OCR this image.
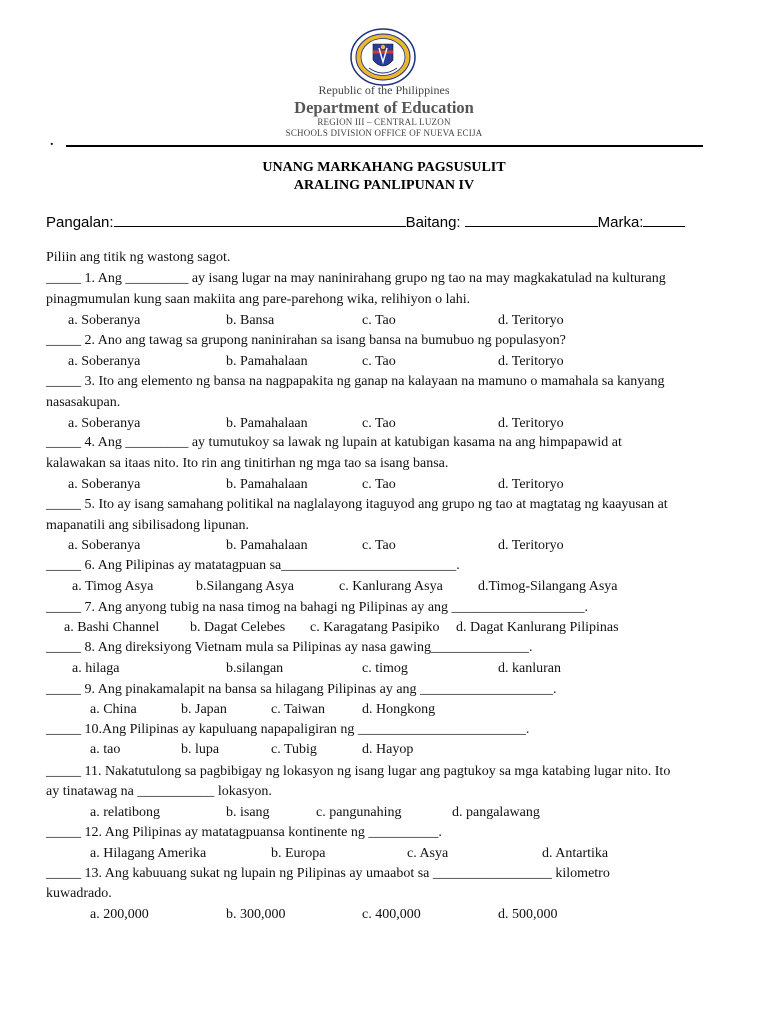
Republic of the Philippines
Department of Education
REGION III – CENTRAL LUZON
SCHOOLS DIVISION OFFICE OF NUEVA ECIJA
.
UNANG MARKAHANG PAGSUSULIT
ARALING PANLIPUNAN IV
Pangalan:	Baitang:	Marka:
Piliin ang titik ng wastong sagot.
_____ 1. Ang _________ ay isang lugar na may naninirahang grupo ng tao na may magkakatulad na kulturang
pinagmumulan kung saan makiita ang pare-parehong wika, relihiyon o lahi.
a. Soberanya	b. Bansa	c. Tao	d. Teritoryo
_____ 2. Ano ang tawag sa grupong naninirahan sa isang bansa na bumubuo ng populasyon?
a. Soberanya	b. Pamahalaan	c. Tao	d. Teritoryo
_____ 3. Ito ang elemento ng bansa na nagpapakita ng ganap na kalayaan na mamuno o mamahala sa kanyang
nasasakupan.
a. Soberanya	b. Pamahalaan	c. Tao	d. Teritoryo
_____ 4. Ang _________ ay tumutukoy sa lawak ng lupain at katubigan kasama na ang himpapawid at
kalawakan sa itaas nito. Ito rin ang tinitirhan ng mga tao sa isang bansa.
a. Soberanya	b. Pamahalaan	c. Tao	d. Teritoryo
_____ 5. Ito ay isang samahang politikal na naglalayong itaguyod ang grupo ng tao at magtatag ng kaayusan at
mapanatili ang sibilisadong lipunan.
a. Soberanya	b. Pamahalaan	c. Tao	d. Teritoryo
_____ 6. Ang Pilipinas ay matatagpuan sa_________________________.
a. Timog Asya	b.Silangang Asya	c. Kanlurang Asya	d.Timog-Silangang Asya
_____ 7. Ang anyong tubig na nasa timog na bahagi ng Pilipinas ay ang ___________________.
a. Bashi Channel b. Dagat Celebes c. Karagatang Pasipiko d. Dagat Kanlurang Pilipinas
_____ 8. Ang direksiyong Vietnam mula sa Pilipinas ay nasa gawing______________.
a. hilaga	b.silangan	c. timog	d. kanluran
_____ 9. Ang pinakamalapit na bansa sa hilagang Pilipinas ay ang ___________________.
a. China	b. Japan	c. Taiwan	d. Hongkong
_____ 10.Ang Pilipinas ay kapuluang napapaligiran ng ________________________.
a. tao	b. lupa	c. Tubig	d. Hayop
_____ 11. Nakatutulong sa pagbibigay ng lokasyon ng isang lugar ang pagtukoy sa mga katabing lugar nito. Ito
ay tinatawag na ___________ lokasyon.
a. relatibong	b. isang	c. pangunahing	d. pangalawang
_____ 12. Ang Pilipinas ay matatagpuansa kontinente ng __________.
a. Hilagang Amerika	b. Europa	c. Asya	d. Antartika
_____ 13. Ang kabuuang sukat ng lupain ng Pilipinas ay umaabot sa _________________ kilometro
kuwadrado.
a. 200,000	b. 300,000	c. 400,000	d. 500,000
